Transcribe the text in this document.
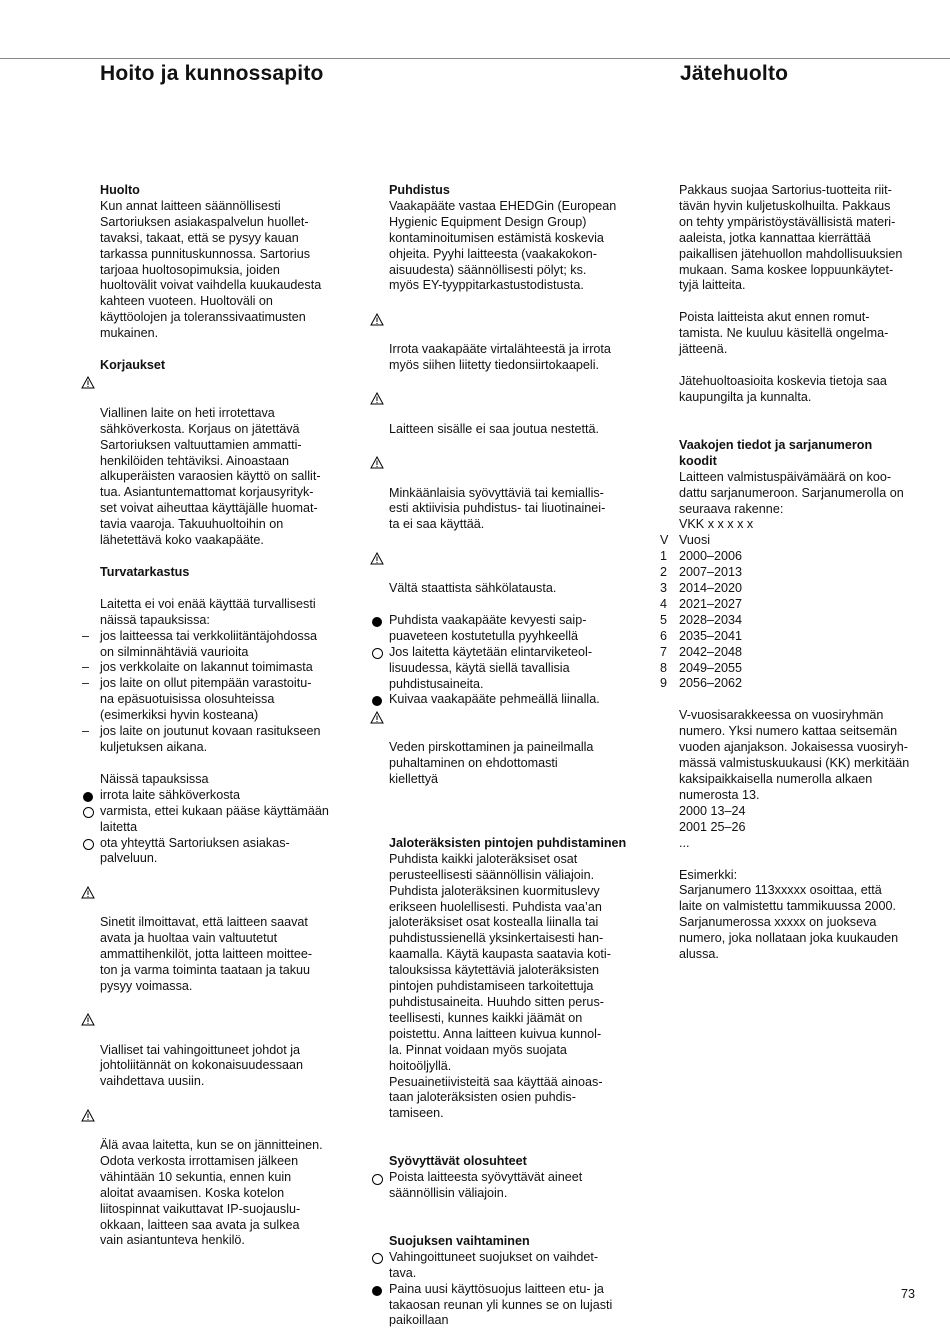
Hoito ja kunnossapito	Jätehuolto
Huolto
Kun annat laitteen säännöllisesti
Sartoriuksen asiakaspalvelun huollet-
tavaksi, takaat, että se pysyy kauan
tarkassa punnituskunnossa. Sartorius
tarjoaa huoltosopimuksia, joiden
huoltovälit voivat vaihdella kuukaudesta
kahteen vuoteen. Huoltoväli on
käyttöolojen ja toleranssivaatimusten
mukainen.
Korjaukset

Viallinen laite on heti irrotettava
sähköverkosta. Korjaus on jätettävä
Sartoriuksen valtuuttamien ammatti-
henkilöiden tehtäviksi. Ainoastaan
alkuperäisten varaosien käyttö on sallit-
tua. Asiantuntemattomat korjausyrityk-
set voivat aiheuttaa käyttäjälle huomat-
tavia vaaroja. Takuuhuoltoihin on
lähetettävä koko vaakapääte.

Turvatarkastus
Laitetta ei voi enää käyttää turvallisesti
näissä tapauksissa:
– jos laitteessa tai verkkoliitäntäjohdossa
on silminnähtäviä vaurioita
– jos verkkolaite on lakannut toimimasta
– jos laite on ollut pitempään varastoitu-
na epäsuotuisissa olosuhteissa
(esimerkiksi hyvin kosteana)
– jos laite on joutunut kovaan rasitukseen
kuljetuksen aikana.
Näissä tapauksissa
irrota laite sähköverkosta
varmista, ettei kukaan pääse käyttämään
laitetta
ota yhteyttä Sartoriuksen asiakas-
palveluun.

Sinetit ilmoittavat, että laitteen saavat
avata ja huoltaa vain valtuutetut
ammattihenkilöt, jotta laitteen moittee-
ton ja varma toiminta taataan ja takuu
pysyy voimassa.

Vialliset tai vahingoittuneet johdot ja
johtoliitännät on kokonaisuudessaan
vaihdettava uusiin.

Älä avaa laitetta, kun se on jännitteinen.
Odota verkosta irrottamisen jälkeen
vähintään 10 sekuntia, ennen kuin
aloitat avaamisen. Koska kotelon
liitospinnat vaikuttavat IP-suojauslu-
okkaan, laitteen saa avata ja sulkea
vain asiantunteva henkilö.

Puhdistus
Vaakapääte vastaa EHEDGin (European
Hygienic Equipment Design Group)
kontaminoitumisen estämistä koskevia
ohjeita. Pyyhi laitteesta (vaakakokon-
aisuudesta) säännöllisesti pölyt; ks.
myös EY-tyyppitarkastustodistusta.

Irrota vaakapääte virtalähteestä ja irrota
myös siihen liitetty tiedonsiirtokaapeli.

Laitteen sisälle ei saa joutua nestettä.

Minkäänlaisia syövyttäviä tai kemiallis-
esti aktiivisia puhdistus- tai liuotinainei-
ta ei saa käyttää.

Vältä staattista sähkölatausta.

Puhdista vaakapääte kevyesti saip-
puaveteen kostutetulla pyyhkeellä
Jos laitetta käytetään elintarviketeol-
lisuudessa, käytä siellä tavallisia
puhdistusaineita.
Kuivaa vaakapääte pehmeällä liinalla.

Veden pirskottaminen ja paineilmalla
puhaltaminen on ehdottomasti
kiellettyä

Jaloteräksisten pintojen puhdistaminen
Puhdista kaikki jaloteräksiset osat
perusteellisesti säännöllisin väliajoin.
Puhdista jaloteräksinen kuormituslevy
erikseen huolellisesti. Puhdista vaa’an
jaloteräksiset osat kostealla liinalla tai
puhdistussienellä yksinkertaisesti han-
kaamalla. Käytä kaupasta saatavia koti-
talouksissa käytettäviä jaloteräksisten
pintojen puhdistamiseen tarkoitettuja
puhdistusaineita. Huuhdo sitten perus-
teellisesti, kunnes kaikki jäämät on
poistettu. Anna laitteen kuivua kunnol-
la. Pinnat voidaan myös suojata
hoitoöljyllä.
Pesuainetiivisteitä saa käyttää ainoas-
taan jaloteräksisten osien puhdis-
tamiseen.
Syövyttävät olosuhteet
Poista laitteesta syövyttävät aineet
säännöllisin väliajoin.
Suojuksen vaihtaminen
Vahingoittuneet suojukset on vaihdet-
tava.
Paina uusi käyttösuojus laitteen etu- ja
takaosan reunan yli kunnes se on lujasti
paikoillaan
Pakkaus suojaa Sartorius-tuotteita riit-
tävän hyvin kuljetuskolhuilta. Pakkaus
on tehty ympäristöystävällisistä materi-
aaleista, jotka kannattaa kierrättää
paikallisen jätehuollon mahdollisuuksien
mukaan. Sama koskee loppuunkäytet-
tyjä laitteita.
Poista laitteista akut ennen romut-
tamista. Ne kuuluu käsitellä ongelma-
jätteenä.
Jätehuoltoasioita koskevia tietoja saa
kaupungilta ja kunnalta.
Vaakojen tiedot ja sarjanumeron
koodit
Laitteen valmistuspäivämäärä on koo-
dattu sarjanumeroon. Sarjanumerolla on
seuraava rakenne:
VKK x x x x x
V Vuosi
1 2000–2006
2 2007–2013
3 2014–2020
4 2021–2027
5 2028–2034
6 2035–2041
7 2042–2048
8 2049–2055
9 2056–2062
V-vuosisarakkeessa on vuosiryhmän
numero. Yksi numero kattaa seitsemän
vuoden ajanjakson. Jokaisessa vuosiryh-
mässä valmistuskuukausi (KK) merkitään
kaksipaikkaisella numerolla alkaen
numerosta 13.
2000 13–24
2001 25–26
...
Esimerkki:
Sarjanumero 113xxxxx osoittaa, että
laite on valmistettu tammikuussa 2000.
Sarjanumerossa xxxxx on juokseva
numero, joka nollataan joka kuukauden
alussa.
73
